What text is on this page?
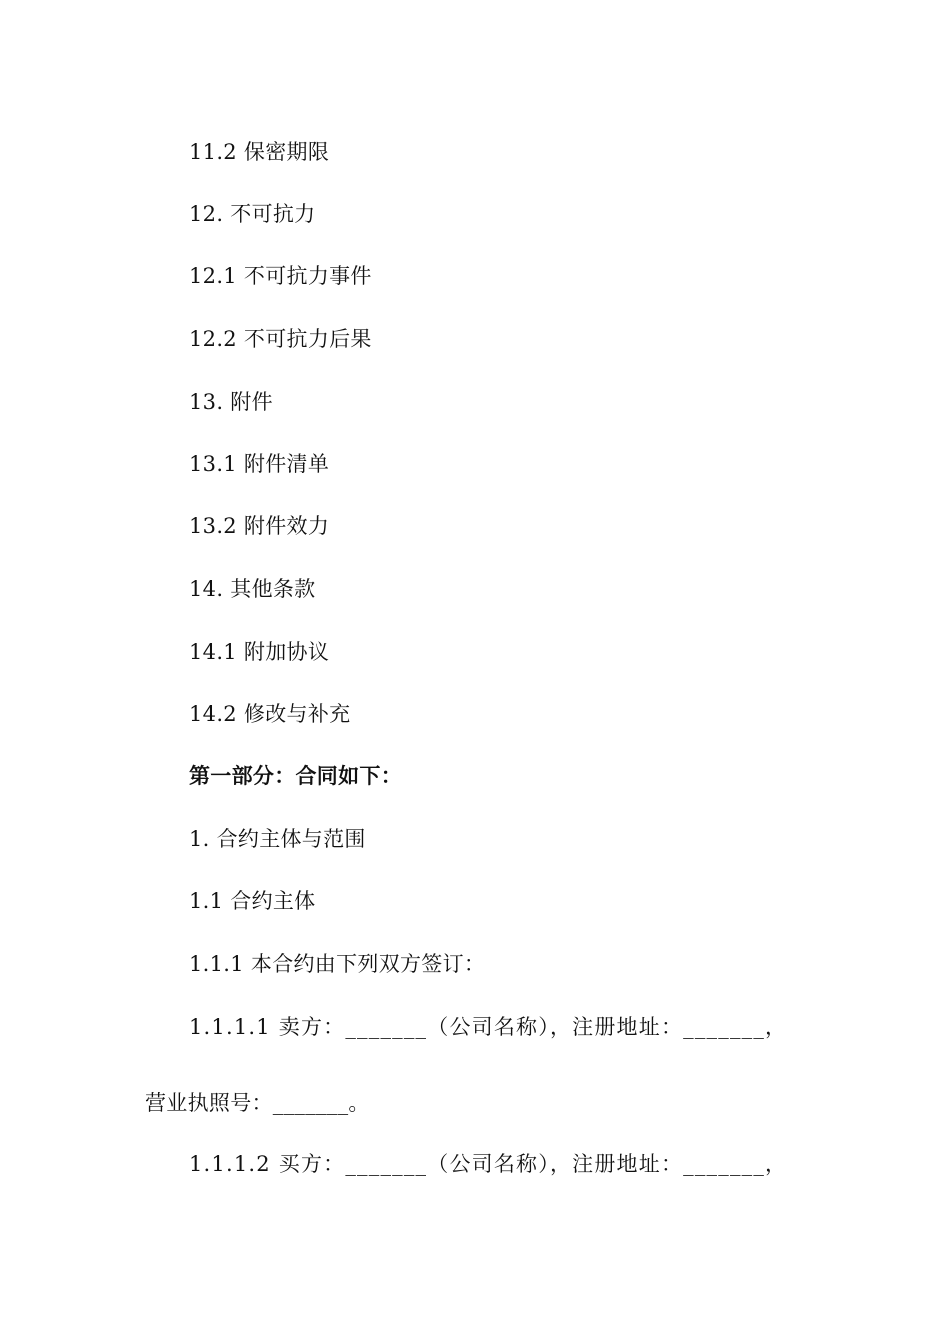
11.2 保密期限
12. 不可抗力
12.1 不可抗力事件
12.2 不可抗力后果
13. 附件
13.1 附件清单
13.2 附件效力
14. 其他条款
14.1 附加协议
14.2 修改与补充
第一部分：合同如下：
1. 合约主体与范围
1.1 合约主体
1.1.1 本合约由下列双方签订：
1.1.1.1 卖方：_______（公司名称），注册地址：_______，
营业执照号：_______。
1.1.1.2 买方：_______（公司名称），注册地址：_______，
